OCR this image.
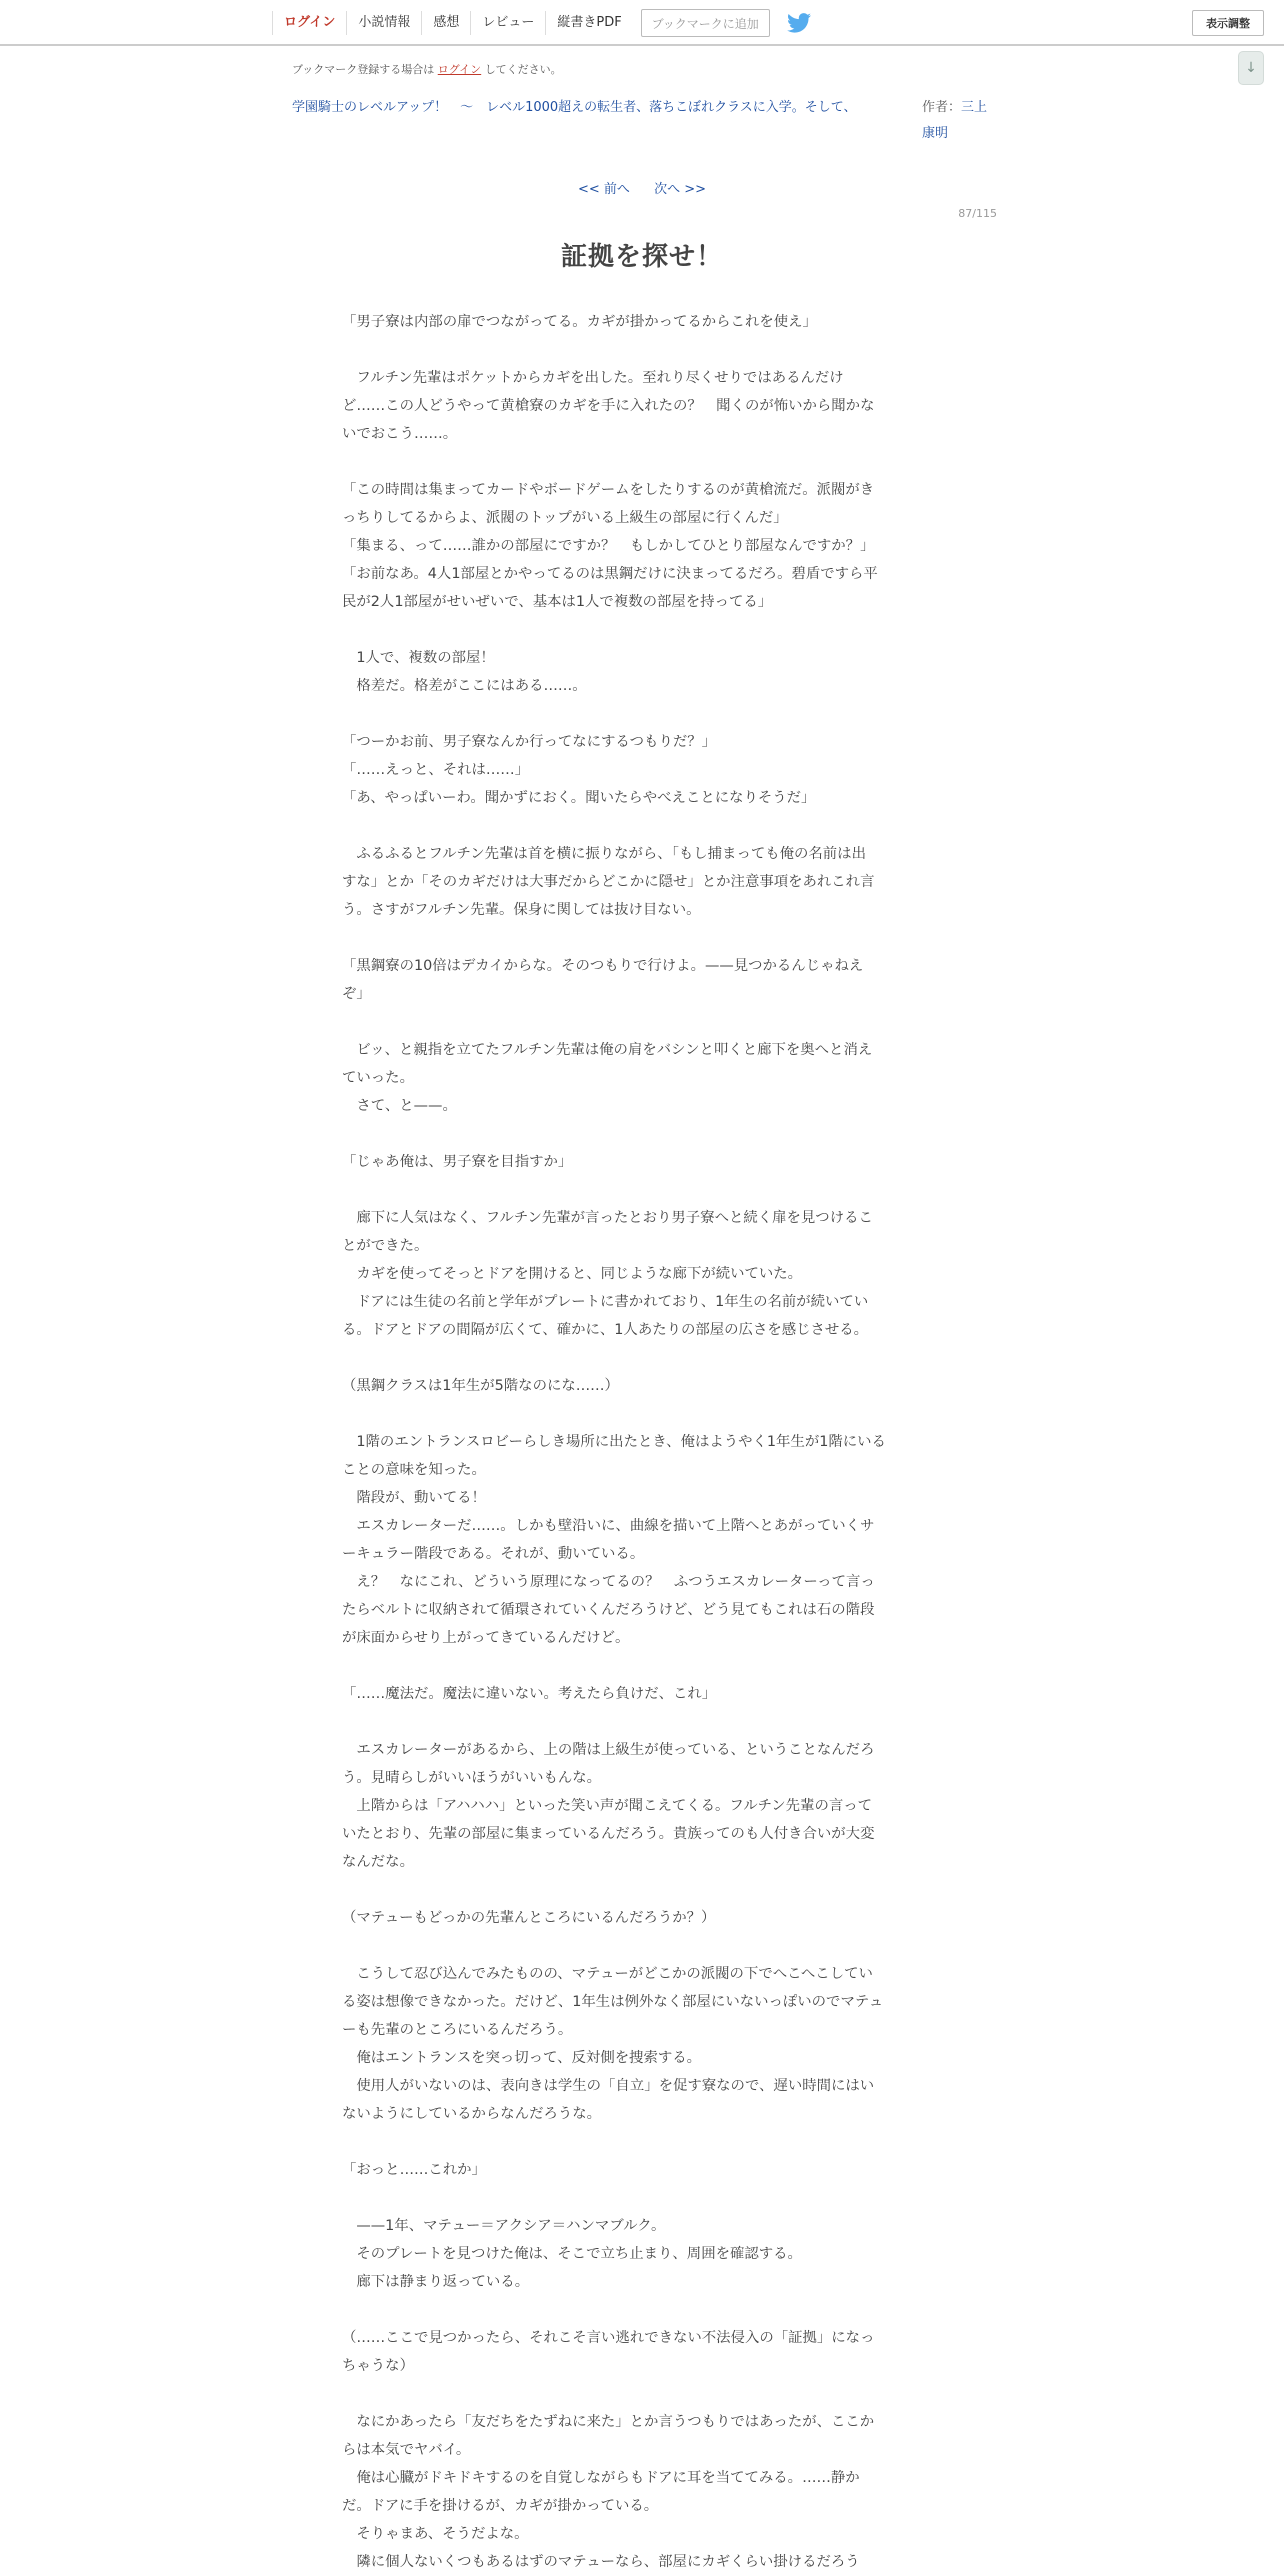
ログイン	小説情報	感想	レビュー	縦書きPDF	ブックマークに追加	表示調整
↓
ブックマーク登録する場合は ログイン してください。
学園騎士のレベルアップ！　〜　レベル1000超えの転生者、落ちこぼれクラスに入学。そして、	作者：三上
康明
<< 前へ 次へ >>
87/115
証拠を探せ！

「男子寮は内部の扉でつながってる。カギが掛かってるからこれを使え」

　フルチン先輩はポケットからカギを出した。至れり尽くせりではあるんだけ

ど……この人どうやって黄槍寮のカギを手に入れたの？　聞くのが怖いから聞かな

いでおこう……。

「この時間は集まってカードやボードゲームをしたりするのが黄槍流だ。派閥がき

っちりしてるからよ、派閥のトップがいる上級生の部屋に行くんだ」

「集まる、って……誰かの部屋にですか？　もしかしてひとり部屋なんですか？」

「お前なあ。4人1部屋とかやってるのは黒鋼だけに決まってるだろ。碧盾ですら平

民が2人1部屋がせいぜいで、基本は1人で複数の部屋を持ってる」

　1人で、複数の部屋！

　格差だ。格差がここにはある……。

「つーかお前、男子寮なんか行ってなにするつもりだ？」

「……えっと、それは……」

「あ、やっぱいーわ。聞かずにおく。聞いたらやべえことになりそうだ」

　ふるふるとフルチン先輩は首を横に振りながら、「もし捕まっても俺の名前は出

すな」とか「そのカギだけは大事だからどこかに隠せ」とか注意事項をあれこれ言

う。さすがフルチン先輩。保身に関しては抜け目ない。

「黒鋼寮の10倍はデカイからな。そのつもりで行けよ。——見つかるんじゃねえ

ぞ」

　ビッ、と親指を立てたフルチン先輩は俺の肩をバシンと叩くと廊下を奥へと消え

ていった。

　さて、と——。

「じゃあ俺は、男子寮を目指すか」

　廊下に人気はなく、フルチン先輩が言ったとおり男子寮へと続く扉を見つけるこ

とができた。

　カギを使ってそっとドアを開けると、同じような廊下が続いていた。

　ドアには生徒の名前と学年がプレートに書かれており、1年生の名前が続いてい

る。ドアとドアの間隔が広くて、確かに、1人あたりの部屋の広さを感じさせる。

（黒鋼クラスは1年生が5階なのにな……）

　1階のエントランスロビーらしき場所に出たとき、俺はようやく1年生が1階にいる

ことの意味を知った。

　階段が、動いてる！

　エスカレーターだ……。しかも壁沿いに、曲線を描いて上階へとあがっていくサ

ーキュラー階段である。それが、動いている。

　え？　なにこれ、どういう原理になってるの？　ふつうエスカレーターって言っ

たらベルトに収納されて循環されていくんだろうけど、どう見てもこれは石の階段

が床面からせり上がってきているんだけど。

「……魔法だ。魔法に違いない。考えたら負けだ、これ」

　エスカレーターがあるから、上の階は上級生が使っている、ということなんだろ

う。見晴らしがいいほうがいいもんな。

　上階からは「アハハハ」といった笑い声が聞こえてくる。フルチン先輩の言って

いたとおり、先輩の部屋に集まっているんだろう。貴族ってのも人付き合いが大変

なんだな。

（マテューもどっかの先輩んところにいるんだろうか？）

　こうして忍び込んでみたものの、マテューがどこかの派閥の下でへこへこしてい

る姿は想像できなかった。だけど、1年生は例外なく部屋にいないっぽいのでマテュ

ーも先輩のところにいるんだろう。

　俺はエントランスを突っ切って、反対側を捜索する。

　使用人がいないのは、表向きは学生の「自立」を促す寮なので、遅い時間にはい

ないようにしているからなんだろうな。

「おっと……これか」

　——1年、マテュー＝アクシア＝ハンマブルク。

　そのプレートを見つけた俺は、そこで立ち止まり、周囲を確認する。

　廊下は静まり返っている。

（……ここで見つかったら、それこそ言い逃れできない不法侵入の「証拠」になっ

ちゃうな）

　なにかあったら「友だちをたずねに来た」とか言うつもりではあったが、ここか

らは本気でヤバイ。

　俺は心臓がドキドキするのを自覚しながらもドアに耳を当ててみる。……静か

だ。ドアに手を掛けるが、カギが掛かっている。

　そりゃまあ、そうだよな。

　隣に個人ないくつもあるはずのマテューなら、部屋にカギくらい掛けるだろう
